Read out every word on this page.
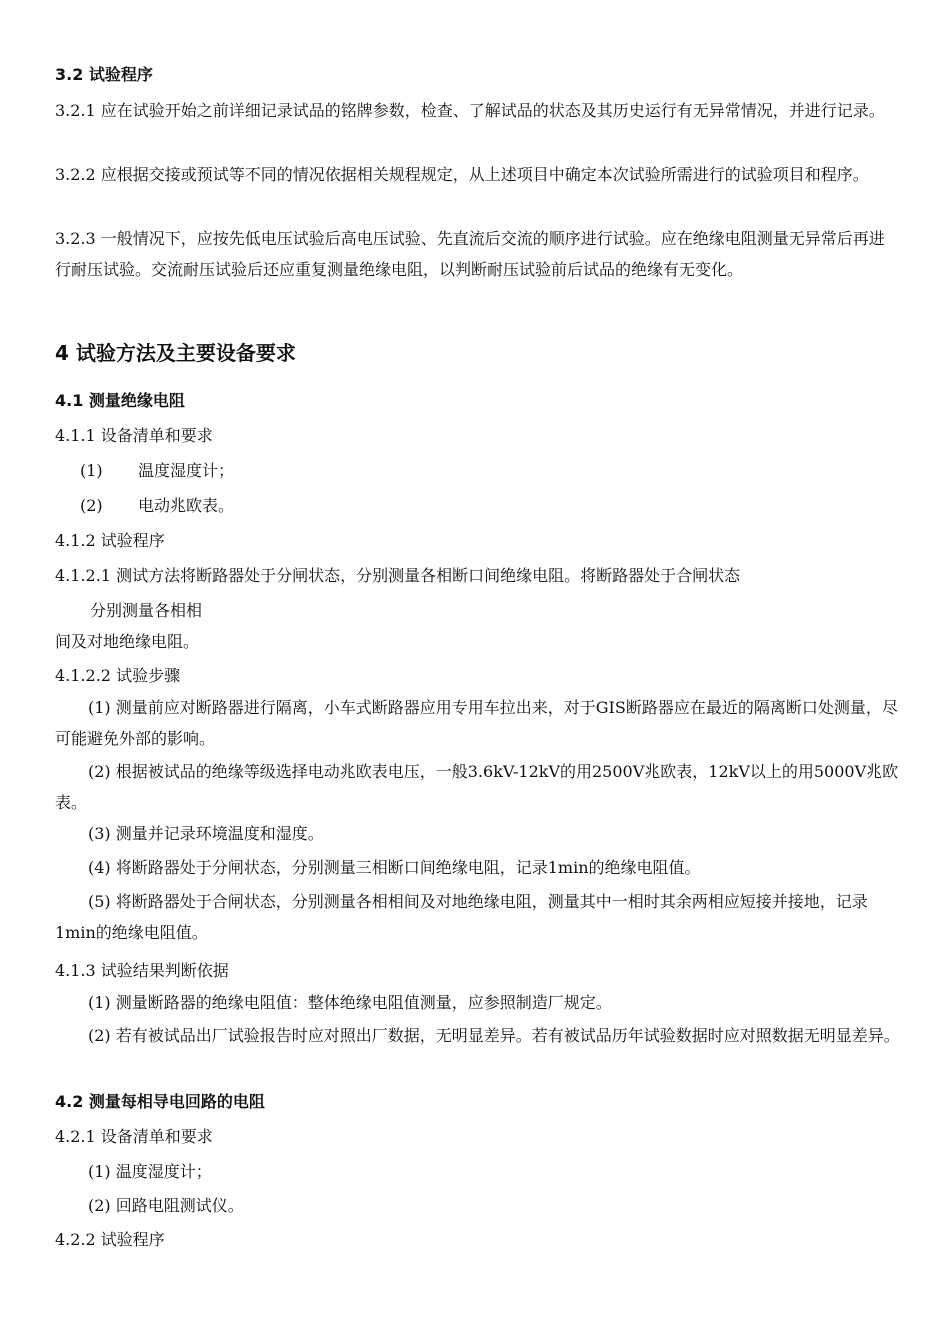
3.2 试验程序
3.2.1 应在试验开始之前详细记录试品的铭牌参数，检查、了解试品的状态及其历史运行有无异常情况，并进行记录。
3.2.2 应根据交接或预试等不同的情况依据相关规程规定，从上述项目中确定本次试验所需进行的试验项目和程序。
3.2.3 一般情况下，应按先低电压试验后高电压试验、先直流后交流的顺序进行试验。应在绝缘电阻测量无异常后再进行耐压试验。交流耐压试验后还应重复测量绝缘电阻，以判断耐压试验前后试品的绝缘有无变化。
4 试验方法及主要设备要求
4.1 测量绝缘电阻
4.1.1 设备清单和要求
(1) 温度湿度计；
(2) 电动兆欧表。
4.1.2 试验程序
4.1.2.1 测试方法将断路器处于分闸状态，分别测量各相断口间绝缘电阻。将断路器处于合闸状态
分别测量各相相
间及对地绝缘电阻。
4.1.2.2 试验步骤
(1) 测量前应对断路器进行隔离，小车式断路器应用专用车拉出来，对于GIS断路器应在最近的隔离断口处测量，尽可能避免外部的影响。
(2) 根据被试品的绝缘等级选择电动兆欧表电压，一般3.6kV-12kV的用2500V兆欧表，12kV以上的用5000V兆欧表。
(3) 测量并记录环境温度和湿度。
(4) 将断路器处于分闸状态，分别测量三相断口间绝缘电阻，记录1min的绝缘电阻值。
(5) 将断路器处于合闸状态，分别测量各相相间及对地绝缘电阻，测量其中一相时其余两相应短接并接地，记录1min的绝缘电阻值。
4.1.3 试验结果判断依据
(1) 测量断路器的绝缘电阻值：整体绝缘电阻值测量，应参照制造厂规定。
(2) 若有被试品出厂试验报告时应对照出厂数据，无明显差异。若有被试品历年试验数据时应对照数据无明显差异。
4.2 测量每相导电回路的电阻
4.2.1 设备清单和要求
(1) 温度湿度计；
(2) 回路电阻测试仪。
4.2.2 试验程序
